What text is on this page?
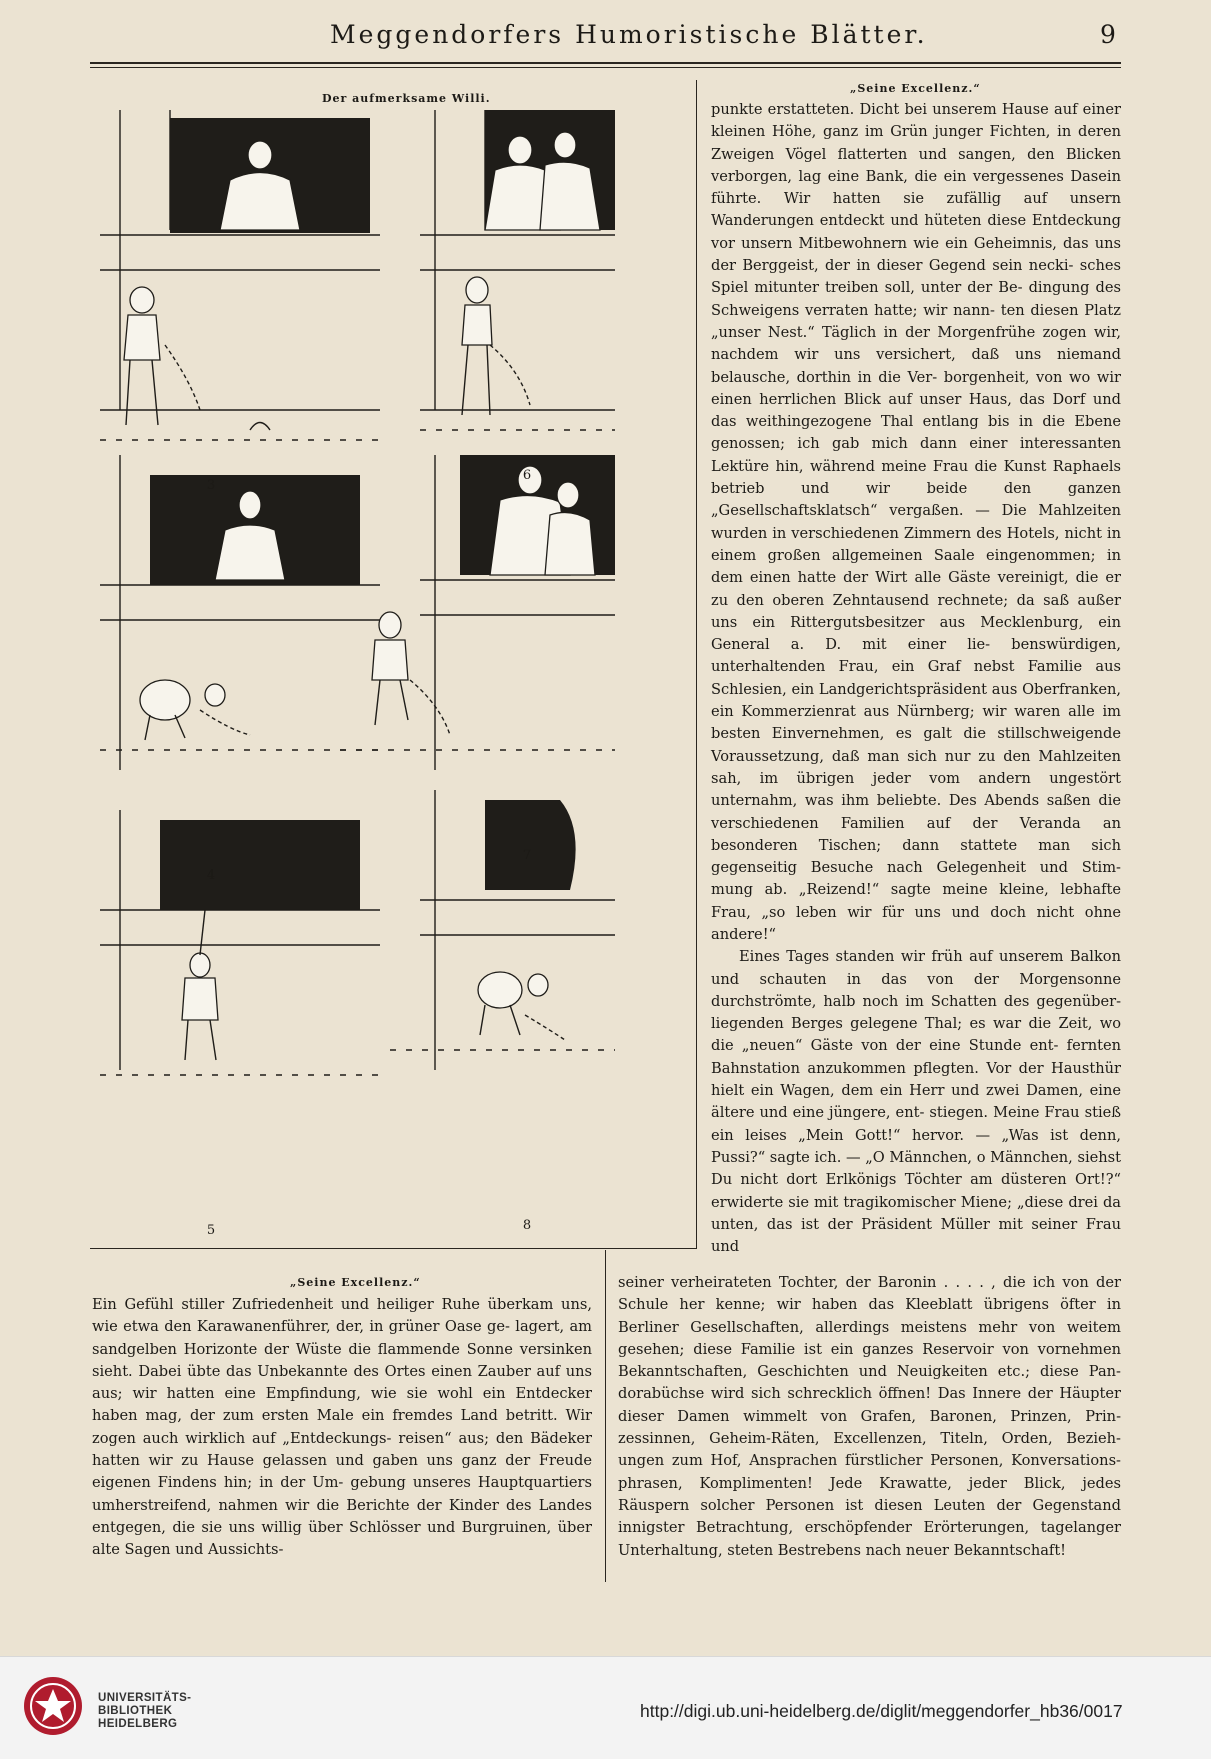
Meggendorfers Humoristische Blätter.	9
Der aufmerksame Willi.
3
4
5
6
7
8
„Seine Excellenz.“

punkte erstatteten. Dicht bei unserem Hause auf einer kleinen Höhe, ganz im Grün junger Fichten, in deren Zweigen Vögel flatterten und sangen, den Blicken verborgen, lag eine Bank, die ein vergessenes Dasein führte. Wir hatten sie zufällig auf unsern Wanderungen entdeckt und hüteten diese Entdeckung vor unsern Mitbewohnern wie ein Geheimnis, das uns der Berggeist, der in dieser Gegend sein necki- sches Spiel mitunter treiben soll, unter der Be- dingung des Schweigens verraten hatte; wir nann- ten diesen Platz „unser Nest.“ Täglich in der Morgenfrühe zogen wir, nachdem wir uns versichert, daß uns niemand belausche, dorthin in die Ver- borgenheit, von wo wir einen herrlichen Blick auf unser Haus, das Dorf und das weithingezogene Thal entlang bis in die Ebene genossen; ich gab mich dann einer interessanten Lektüre hin, während meine Frau die Kunst Raphaels betrieb und wir beide den ganzen „Gesellschaftsklatsch“ vergaßen. — Die Mahlzeiten wurden in verschiedenen Zimmern des Hotels, nicht in einem großen allgemeinen Saale eingenommen; in dem einen hatte der Wirt alle Gäste vereinigt, die er zu den oberen Zehntausend rechnete; da saß außer uns ein Rittergutsbesitzer aus Mecklenburg, ein General a. D. mit einer lie- benswürdigen, unterhaltenden Frau, ein Graf nebst Familie aus Schlesien, ein Landgerichtspräsident aus Oberfranken, ein Kommerzienrat aus Nürnberg; wir waren alle im besten Einvernehmen, es galt die stillschweigende Voraussetzung, daß man sich nur zu den Mahlzeiten sah, im übrigen jeder vom andern ungestört unternahm, was ihm beliebte. Des Abends saßen die verschiedenen Familien auf der Veranda an besonderen Tischen; dann stattete man sich gegenseitig Besuche nach Gelegenheit und Stim- mung ab. „Reizend!“ sagte meine kleine, lebhafte Frau, „so leben wir für uns und doch nicht ohne andere!“

Eines Tages standen wir früh auf unserem Balkon und schauten in das von der Morgensonne durchströmte, halb noch im Schatten des gegenüber- liegenden Berges gelegene Thal; es war die Zeit, wo die „neuen“ Gäste von der eine Stunde ent- fernten Bahnstation anzukommen pflegten. Vor der Hausthür hielt ein Wagen, dem ein Herr und zwei Damen, eine ältere und eine jüngere, ent- stiegen. Meine Frau stieß ein leises „Mein Gott!“ hervor. — „Was ist denn, Pussi?“ sagte ich. — „O Männchen, o Männchen, siehst Du nicht dort Erlkönigs Töchter am düsteren Ort!?“ erwiderte sie mit tragikomischer Miene; „diese drei da unten, das ist der Präsident Müller mit seiner Frau und

„Seine Excellenz.“

Ein Gefühl stiller Zufriedenheit und heiliger Ruhe überkam uns, wie etwa den Karawanenführer, der, in grüner Oase ge- lagert, am sandgelben Horizonte der Wüste die flammende Sonne versinken sieht. Dabei übte das Unbekannte des Ortes einen Zauber auf uns aus; wir hatten eine Empfindung, wie sie wohl ein Entdecker haben mag, der zum ersten Male ein fremdes Land betritt. Wir zogen auch wirklich auf „Entdeckungs- reisen“ aus; den Bädeker hatten wir zu Hause gelassen und gaben uns ganz der Freude eigenen Findens hin; in der Um- gebung unseres Hauptquartiers umherstreifend, nahmen wir die Berichte der Kinder des Landes entgegen, die sie uns willig über Schlösser und Burgruinen, über alte Sagen und Aussichts-

seiner verheirateten Tochter, der Baronin . . . . , die ich von der Schule her kenne; wir haben das Kleeblatt übrigens öfter in Berliner Gesellschaften, allerdings meistens mehr von weitem gesehen; diese Familie ist ein ganzes Reservoir von vornehmen Bekanntschaften, Geschichten und Neuigkeiten etc.; diese Pan- dorabüchse wird sich schrecklich öffnen! Das Innere der Häupter dieser Damen wimmelt von Grafen, Baronen, Prinzen, Prin- zessinnen, Geheim-Räten, Excellenzen, Titeln, Orden, Bezieh- ungen zum Hof, Ansprachen fürstlicher Personen, Konversations- phrasen, Komplimenten! Jede Krawatte, jeder Blick, jedes Räuspern solcher Personen ist diesen Leuten der Gegenstand innigster Betrachtung, erschöpfender Erörterungen, tagelanger Unterhaltung, steten Bestrebens nach neuer Bekanntschaft!

UNIVERSITÄTS-
BIBLIOTHEK
HEIDELBERG
http://digi.ub.uni-heidelberg.de/diglit/meggendorfer_hb36/0017
